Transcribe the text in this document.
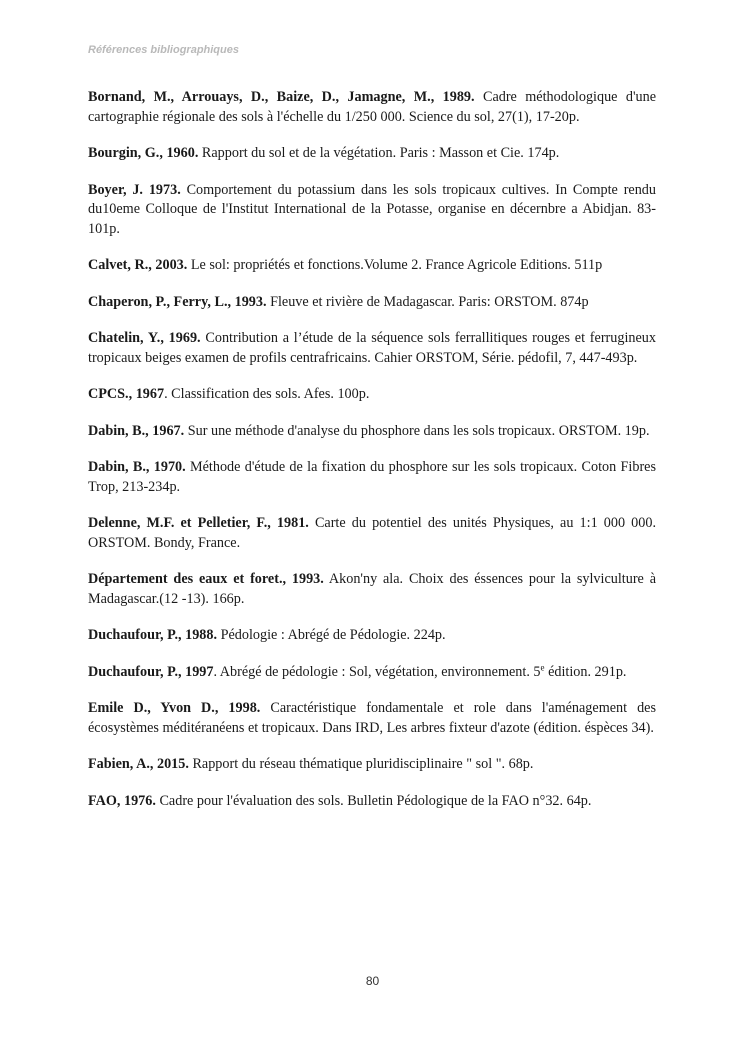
Références bibliographiques

Bornand, M., Arrouays, D., Baize, D., Jamagne, M., 1989. Cadre méthodologique d'une cartographie régionale des sols à l'échelle du 1/250 000. Science du sol, 27(1), 17-20p.

Bourgin, G., 1960. Rapport du sol et de la végétation. Paris : Masson et Cie. 174p.

Boyer, J. 1973. Comportement du potassium dans les sols tropicaux cultives. In Compte rendu du10eme Colloque de l'Institut International de la Potasse, organise en décernbre a Abidjan. 83-101p.

Calvet, R., 2003. Le sol: propriétés et fonctions.Volume 2. France Agricole Editions. 511p

Chaperon, P., Ferry, L., 1993. Fleuve et rivière de Madagascar. Paris: ORSTOM. 874p

Chatelin, Y., 1969. Contribution a l’étude de la séquence sols ferrallitiques rouges et ferrugineux tropicaux beiges examen de profils centrafricains. Cahier ORSTOM, Série. pédofil, 7, 447-493p.

CPCS., 1967. Classification des sols. Afes. 100p.

Dabin, B., 1967. Sur une méthode d'analyse du phosphore dans les sols tropicaux. ORSTOM. 19p.

Dabin, B., 1970. Méthode d'étude de la fixation du phosphore sur les sols tropicaux. Coton Fibres Trop, 213-234p.

Delenne, M.F. et Pelletier, F., 1981. Carte du potentiel des unités Physiques, au 1:1 000 000. ORSTOM. Bondy, France.

Département des eaux et foret., 1993. Akon'ny ala. Choix des éssences pour la sylviculture à Madagascar.(12 -13). 166p.

Duchaufour, P., 1988. Pédologie : Abrégé de Pédologie. 224p.

Duchaufour, P., 1997. Abrégé de pédologie : Sol, végétation, environnement. 5e édition. 291p.

Emile D., Yvon D., 1998. Caractéristique fondamentale et role dans l'aménagement des écosystèmes méditéranéens et tropicaux. Dans IRD, Les arbres fixteur d'azote (édition. éspèces 34).

Fabien, A., 2015. Rapport du réseau thématique pluridisciplinaire " sol ". 68p.

FAO, 1976. Cadre pour l'évaluation des sols. Bulletin Pédologique de la FAO n°32. 64p.

80
